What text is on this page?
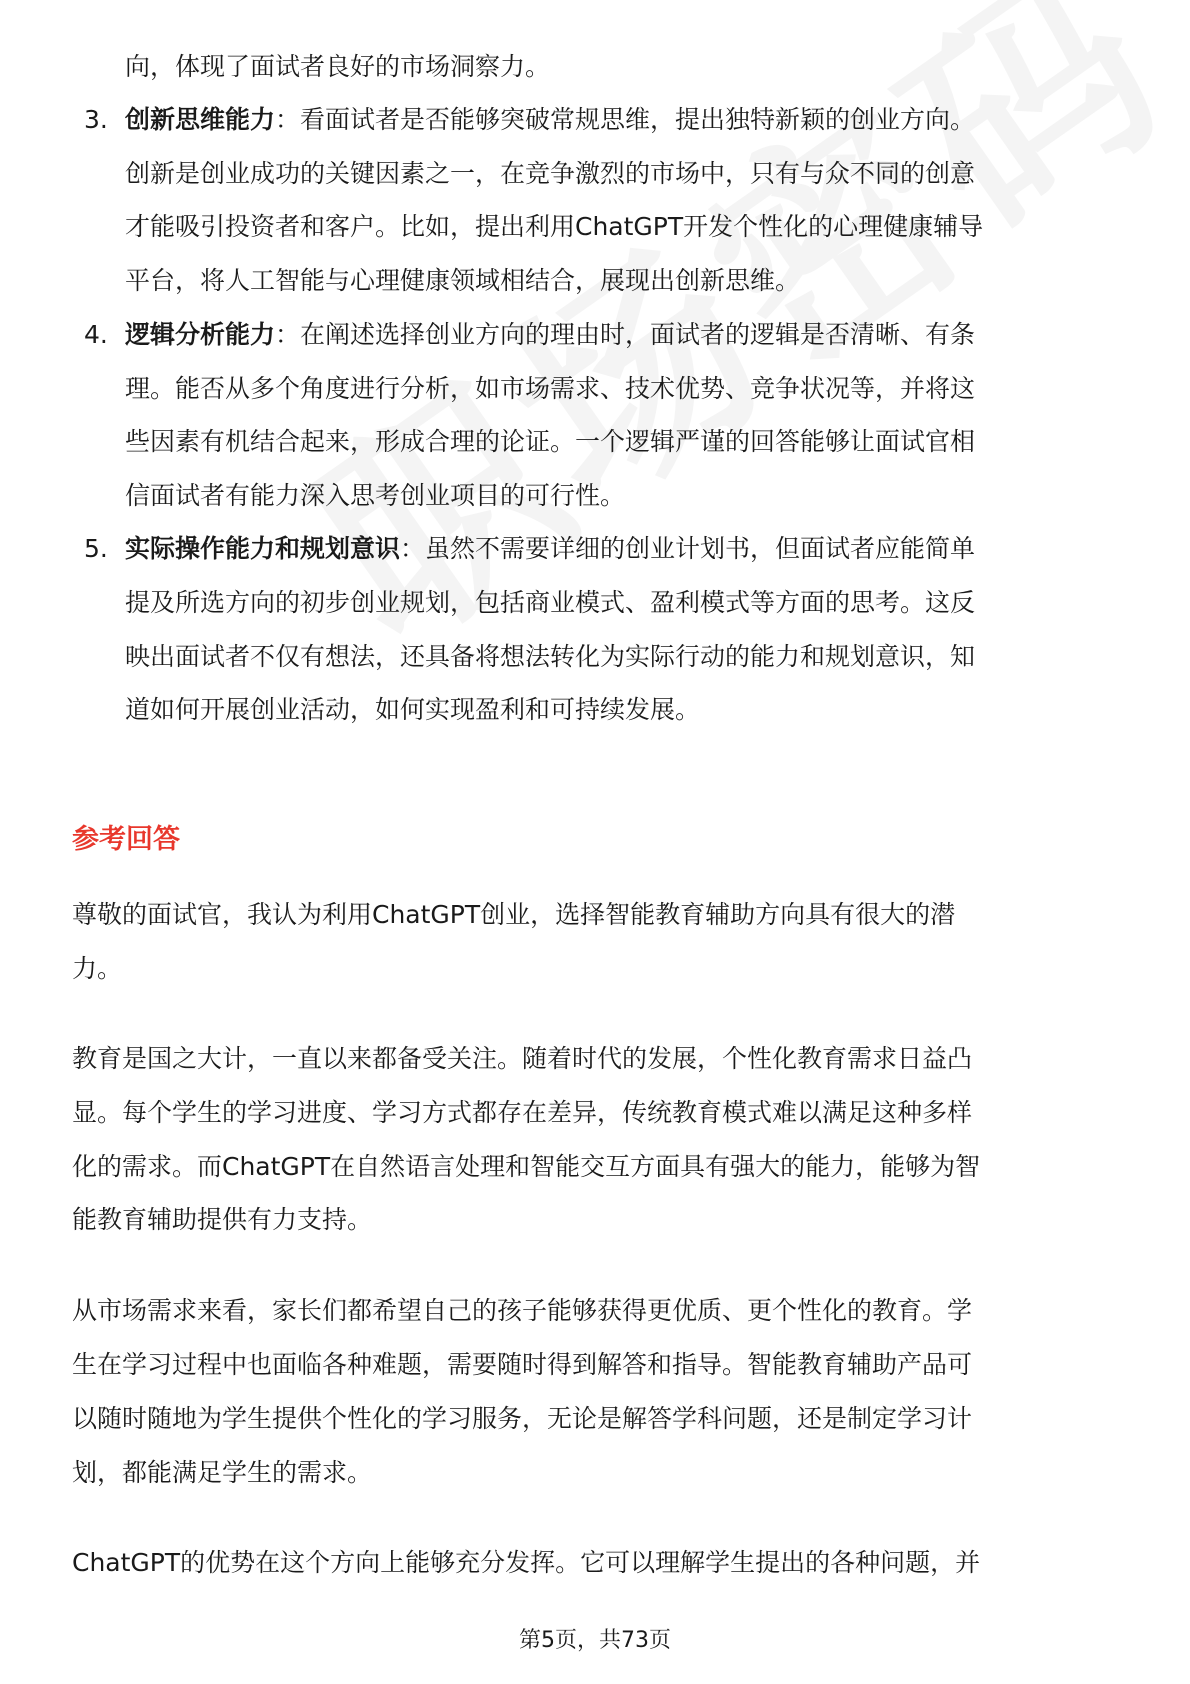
向，体现了面试者良好的市场洞察力。
3. 创新思维能力：看面试者是否能够突破常规思维，提出独特新颖的创业方向。
创新是创业成功的关键因素之一，在竞争激烈的市场中，只有与众不同的创意
才能吸引投资者和客户。比如，提出利用ChatGPT开发个性化的心理健康辅导
平台，将人工智能与心理健康领域相结合，展现出创新思维。
4. 逻辑分析能力：在阐述选择创业方向的理由时，面试者的逻辑是否清晰、有条
理。能否从多个角度进行分析，如市场需求、技术优势、竞争状况等，并将这
些因素有机结合起来，形成合理的论证。一个逻辑严谨的回答能够让面试官相
信面试者有能力深入思考创业项目的可行性。
5. 实际操作能力和规划意识：虽然不需要详细的创业计划书，但面试者应能简单
提及所选方向的初步创业规划，包括商业模式、盈利模式等方面的思考。这反
映出面试者不仅有想法，还具备将想法转化为实际行动的能力和规划意识，知
道如何开展创业活动，如何实现盈利和可持续发展。
参考回答
尊敬的面试官，我认为利用ChatGPT创业，选择智能教育辅助方向具有很大的潜
力。
教育是国之大计，一直以来都备受关注。随着时代的发展，个性化教育需求日益凸
显。每个学生的学习进度、学习方式都存在差异，传统教育模式难以满足这种多样
化的需求。而ChatGPT在自然语言处理和智能交互方面具有强大的能力，能够为智
能教育辅助提供有力支持。
从市场需求来看，家长们都希望自己的孩子能够获得更优质、更个性化的教育。学
生在学习过程中也面临各种难题，需要随时得到解答和指导。智能教育辅助产品可
以随时随地为学生提供个性化的学习服务，无论是解答学科问题，还是制定学习计
划，都能满足学生的需求。
ChatGPT的优势在这个方向上能够充分发挥。它可以理解学生提出的各种问题，并
第5页，共73页
